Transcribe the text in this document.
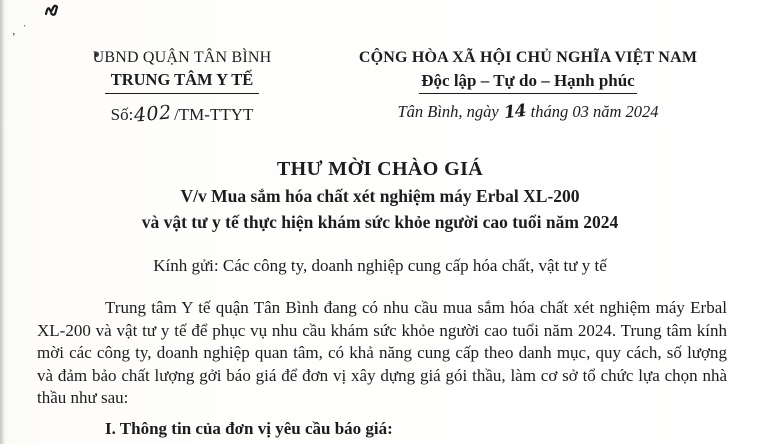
, ˙
UBND QUẬN TÂN BÌNH
TRUNG TÂM Y TẾ
Số:402/TM-TTYT
CỘNG HÒA XÃ HỘI CHỦ NGHĨA VIỆT NAM
Độc lập – Tự do – Hạnh phúc
Tân Bình, ngày 14 tháng 03 năm 2024
THƯ MỜI CHÀO GIÁ
V/v Mua sắm hóa chất xét nghiệm máy Erbal XL-200
và vật tư y tế thực hiện khám sức khỏe người cao tuổi năm 2024
Kính gửi: Các công ty, doanh nghiệp cung cấp hóa chất, vật tư y tế
Trung tâm Y tế quận Tân Bình đang có nhu cầu mua sắm hóa chất xét nghiệm máy Erbal XL-200 và vật tư y tế để phục vụ nhu cầu khám sức khỏe người cao tuổi năm 2024. Trung tâm kính mời các công ty, doanh nghiệp quan tâm, có khả năng cung cấp theo danh mục, quy cách, số lượng và đảm bảo chất lượng gởi báo giá để đơn vị xây dựng giá gói thầu, làm cơ sở tổ chức lựa chọn nhà thầu như sau:
I. Thông tin của đơn vị yêu cầu báo giá:
